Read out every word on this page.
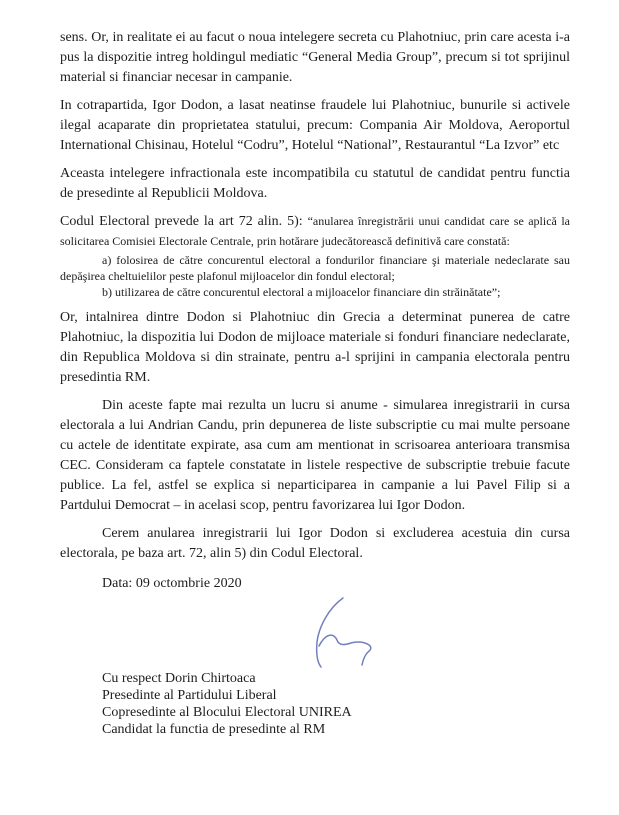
sens. Or, in realitate ei au facut o noua intelegere secreta cu Plahotniuc, prin care acesta i-a pus la dispozitie intreg holdingul mediatic “General Media Group”, precum si tot sprijinul material si financiar necesar in campanie.

In cotrapartida, Igor Dodon, a lasat neatinse fraudele lui Plahotniuc, bunurile si activele ilegal acaparate din proprietatea statului, precum: Compania Air Moldova, Aeroportul International Chisinau, Hotelul “Codru”, Hotelul “National”, Restaurantul “La Izvor” etc

Aceasta intelegere infractionala este incompatibila cu statutul de candidat pentru functia de presedinte al Republicii Moldova.

Codul Electoral prevede la art 72 alin. 5): “anularea înregistrării unui candidat care se aplică la solicitarea Comisiei Electorale Centrale, prin hotărare judecătorească definitivă care constată:

a) folosirea de către concurentul electoral a fondurilor financiare şi materiale nedeclarate sau depăşirea cheltuielilor peste plafonul mijloacelor din fondul electoral;

b) utilizarea de către concurentul electoral a mijloacelor financiare din străinătate”;

Or, intalnirea dintre Dodon si Plahotniuc din Grecia a determinat punerea de catre Plahotniuc, la dispozitia lui Dodon de mijloace materiale si fonduri financiare nedeclarate, din Republica Moldova si din strainate, pentru a-l sprijini in campania electorala pentru presedintia RM.

Din aceste fapte mai rezulta un lucru si anume - simularea inregistrarii in cursa electorala a lui Andrian Candu, prin depunerea de liste subscriptie cu mai multe persoane cu actele de identitate expirate, asa cum am mentionat in scrisoarea anterioara transmisa CEC. Consideram ca faptele constatate in listele respective de subscriptie trebuie facute publice. La fel, astfel se explica si neparticiparea in campanie a lui Pavel Filip si a Partdului Democrat – in acelasi scop, pentru favorizarea lui Igor Dodon.

Cerem anularea inregistrarii lui Igor Dodon si excluderea acestuia din cursa electorala, pe baza art. 72, alin 5) din Codul Electoral.

Data: 09 octombrie 2020

Cu respect Dorin Chirtoaca
Presedinte al Partidului Liberal
Copresedinte al Blocului Electoral UNIREA
Candidat la functia de presedinte al RM
